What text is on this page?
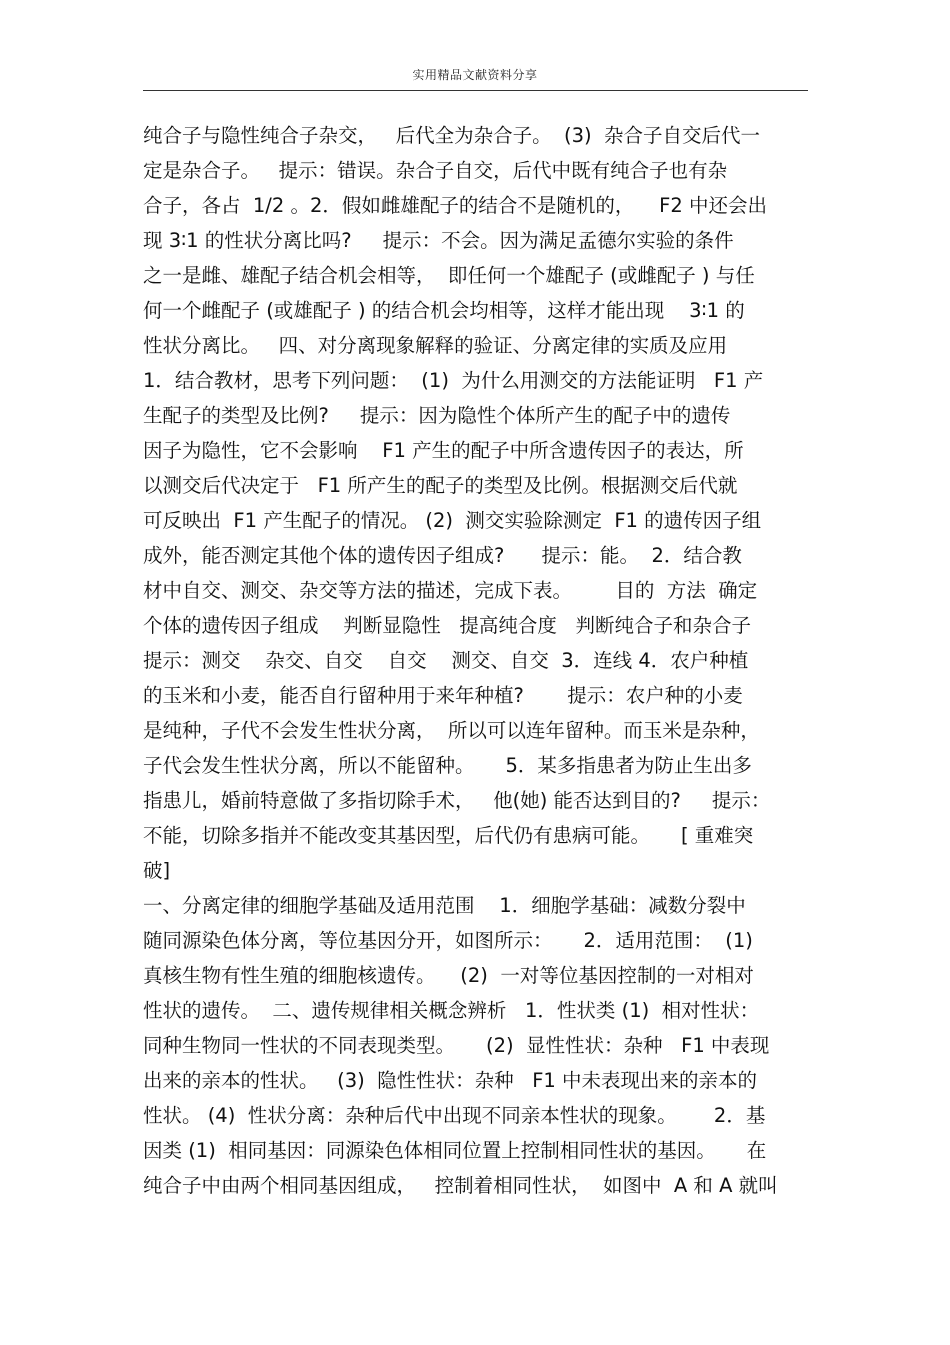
实用精品文献资料分享
纯合子与隐性纯合子杂交，   后代全为杂合子。  (3)  杂合子自交后代一
定是杂合子。   提示：错误。杂合子自交，后代中既有纯合子也有杂
合子，各占  1/2 。2．假如雌雄配子的结合不是随机的，    F2 中还会出
现 3∶1 的性状分离比吗?     提示：不会。因为满足孟德尔实验的条件
之一是雌、雄配子结合机会相等，  即任何一个雄配子 (或雌配子 ) 与任
何一个雌配子 (或雄配子 ) 的结合机会均相等，这样才能出现    3∶1 的
性状分离比。   四、对分离现象解释的验证、分离定律的实质及应用
1．结合教材，思考下列问题：  (1)  为什么用测交的方法能证明   F1 产
生配子的类型及比例?     提示：因为隐性个体所产生的配子中的遗传
因子为隐性，它不会影响    F1 产生的配子中所含遗传因子的表达，所
以测交后代决定于   F1 所产生的配子的类型及比例。根据测交后代就
可反映出  F1 产生配子的情况。 (2)  测交实验除测定  F1 的遗传因子组
成外，能否测定其他个体的遗传因子组成?      提示：能。  2．结合教
材中自交、测交、杂交等方法的描述，完成下表。       目的  方法  确定
个体的遗传因子组成    判断显隐性   提高纯合度   判断纯合子和杂合子
提示：测交    杂交、自交    自交    测交、自交  3．连线 4．农户种植
的玉米和小麦，能否自行留种用于来年种植?       提示：农户种的小麦
是纯种，子代不会发生性状分离，  所以可以连年留种。而玉米是杂种，
子代会发生性状分离，所以不能留种。     5．某多指患者为防止生出多
指患儿，婚前特意做了多指切除手术，   他(她) 能否达到目的?     提示：
不能，切除多指并不能改变其基因型，后代仍有患病可能。     [ 重难突
破]
一、分离定律的细胞学基础及适用范围    1．细胞学基础：减数分裂中
随同源染色体分离，等位基因分开，如图所示：     2．适用范围：  (1)
真核生物有性生殖的细胞核遗传。    (2)  一对等位基因控制的一对相对
性状的遗传。  二、遗传规律相关概念辨析   1．性状类 (1)  相对性状：
同种生物同一性状的不同表现类型。     (2)  显性性状：杂种   F1 中表现
出来的亲本的性状。   (3)  隐性性状：杂种   F1 中未表现出来的亲本的
性状。 (4)  性状分离：杂种后代中出现不同亲本性状的现象。      2．基
因类 (1)  相同基因：同源染色体相同位置上控制相同性状的基因。     在
纯合子中由两个相同基因组成，   控制着相同性状，  如图中  A 和 A 就叫
